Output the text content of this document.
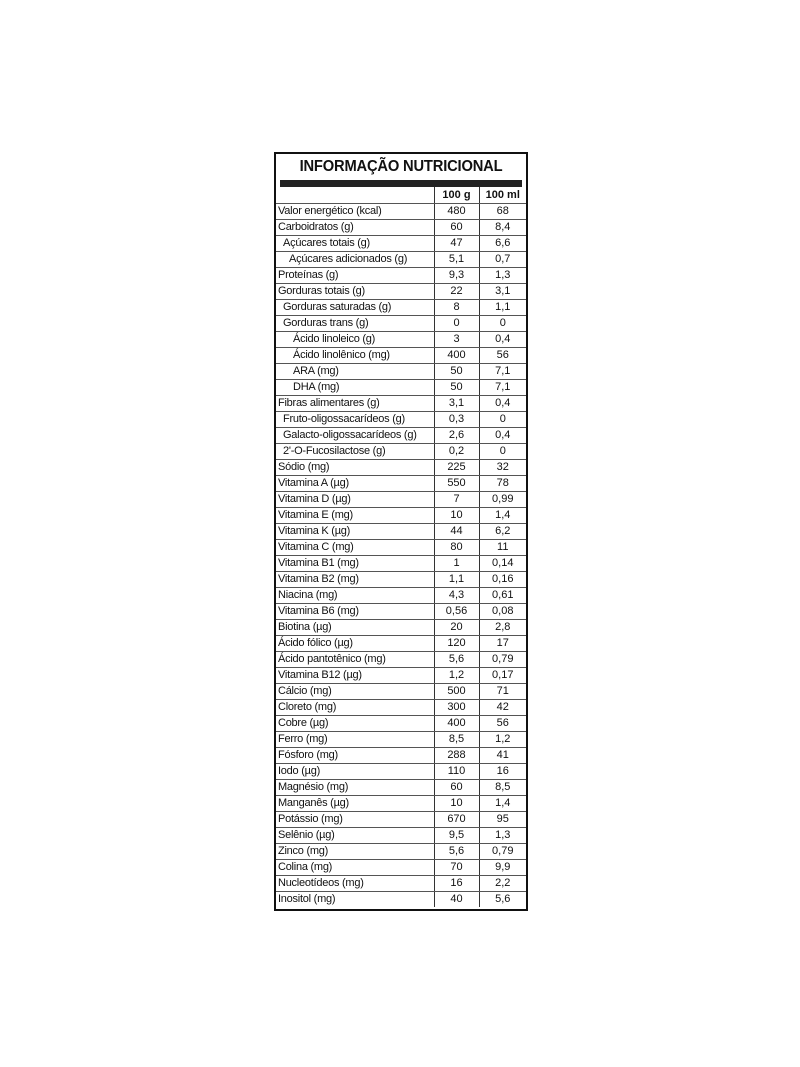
INFORMAÇÃO NUTRICIONAL
	100 g	100 ml
Valor energético (kcal)	480	68
Carboidratos (g)	60	8,4
Açúcares totais (g)	47	6,6
Açúcares adicionados (g)	5,1	0,7
Proteínas (g)	9,3	1,3
Gorduras totais (g)	22	3,1
Gorduras saturadas (g)	8	1,1
Gorduras trans (g)	0	0
Ácido linoleico (g)	3	0,4
Ácido linolênico (mg)	400	56
ARA (mg)	50	7,1
DHA (mg)	50	7,1
Fibras alimentares (g)	3,1	0,4
Fruto-oligossacarídeos (g)	0,3	0
Galacto-oligossacarídeos (g)	2,6	0,4
2'-O-Fucosilactose (g)	0,2	0
Sódio (mg)	225	32
Vitamina A (µg)	550	78
Vitamina D (µg)	7	0,99
Vitamina E (mg)	10	1,4
Vitamina K (µg)	44	6,2
Vitamina C (mg)	80	11
Vitamina B1 (mg)	1	0,14
Vitamina B2 (mg)	1,1	0,16
Niacina (mg)	4,3	0,61
Vitamina B6 (mg)	0,56	0,08
Biotina (µg)	20	2,8
Ácido fólico (µg)	120	17
Ácido pantotênico (mg)	5,6	0,79
Vitamina B12 (µg)	1,2	0,17
Cálcio (mg)	500	71
Cloreto (mg)	300	42
Cobre (µg)	400	56
Ferro (mg)	8,5	1,2
Fósforo (mg)	288	41
Iodo (µg)	110	16
Magnésio (mg)	60	8,5
Manganês (µg)	10	1,4
Potássio (mg)	670	95
Selênio (µg)	9,5	1,3
Zinco (mg)	5,6	0,79
Colina (mg)	70	9,9
Nucleotídeos (mg)	16	2,2
Inositol (mg)	40	5,6
